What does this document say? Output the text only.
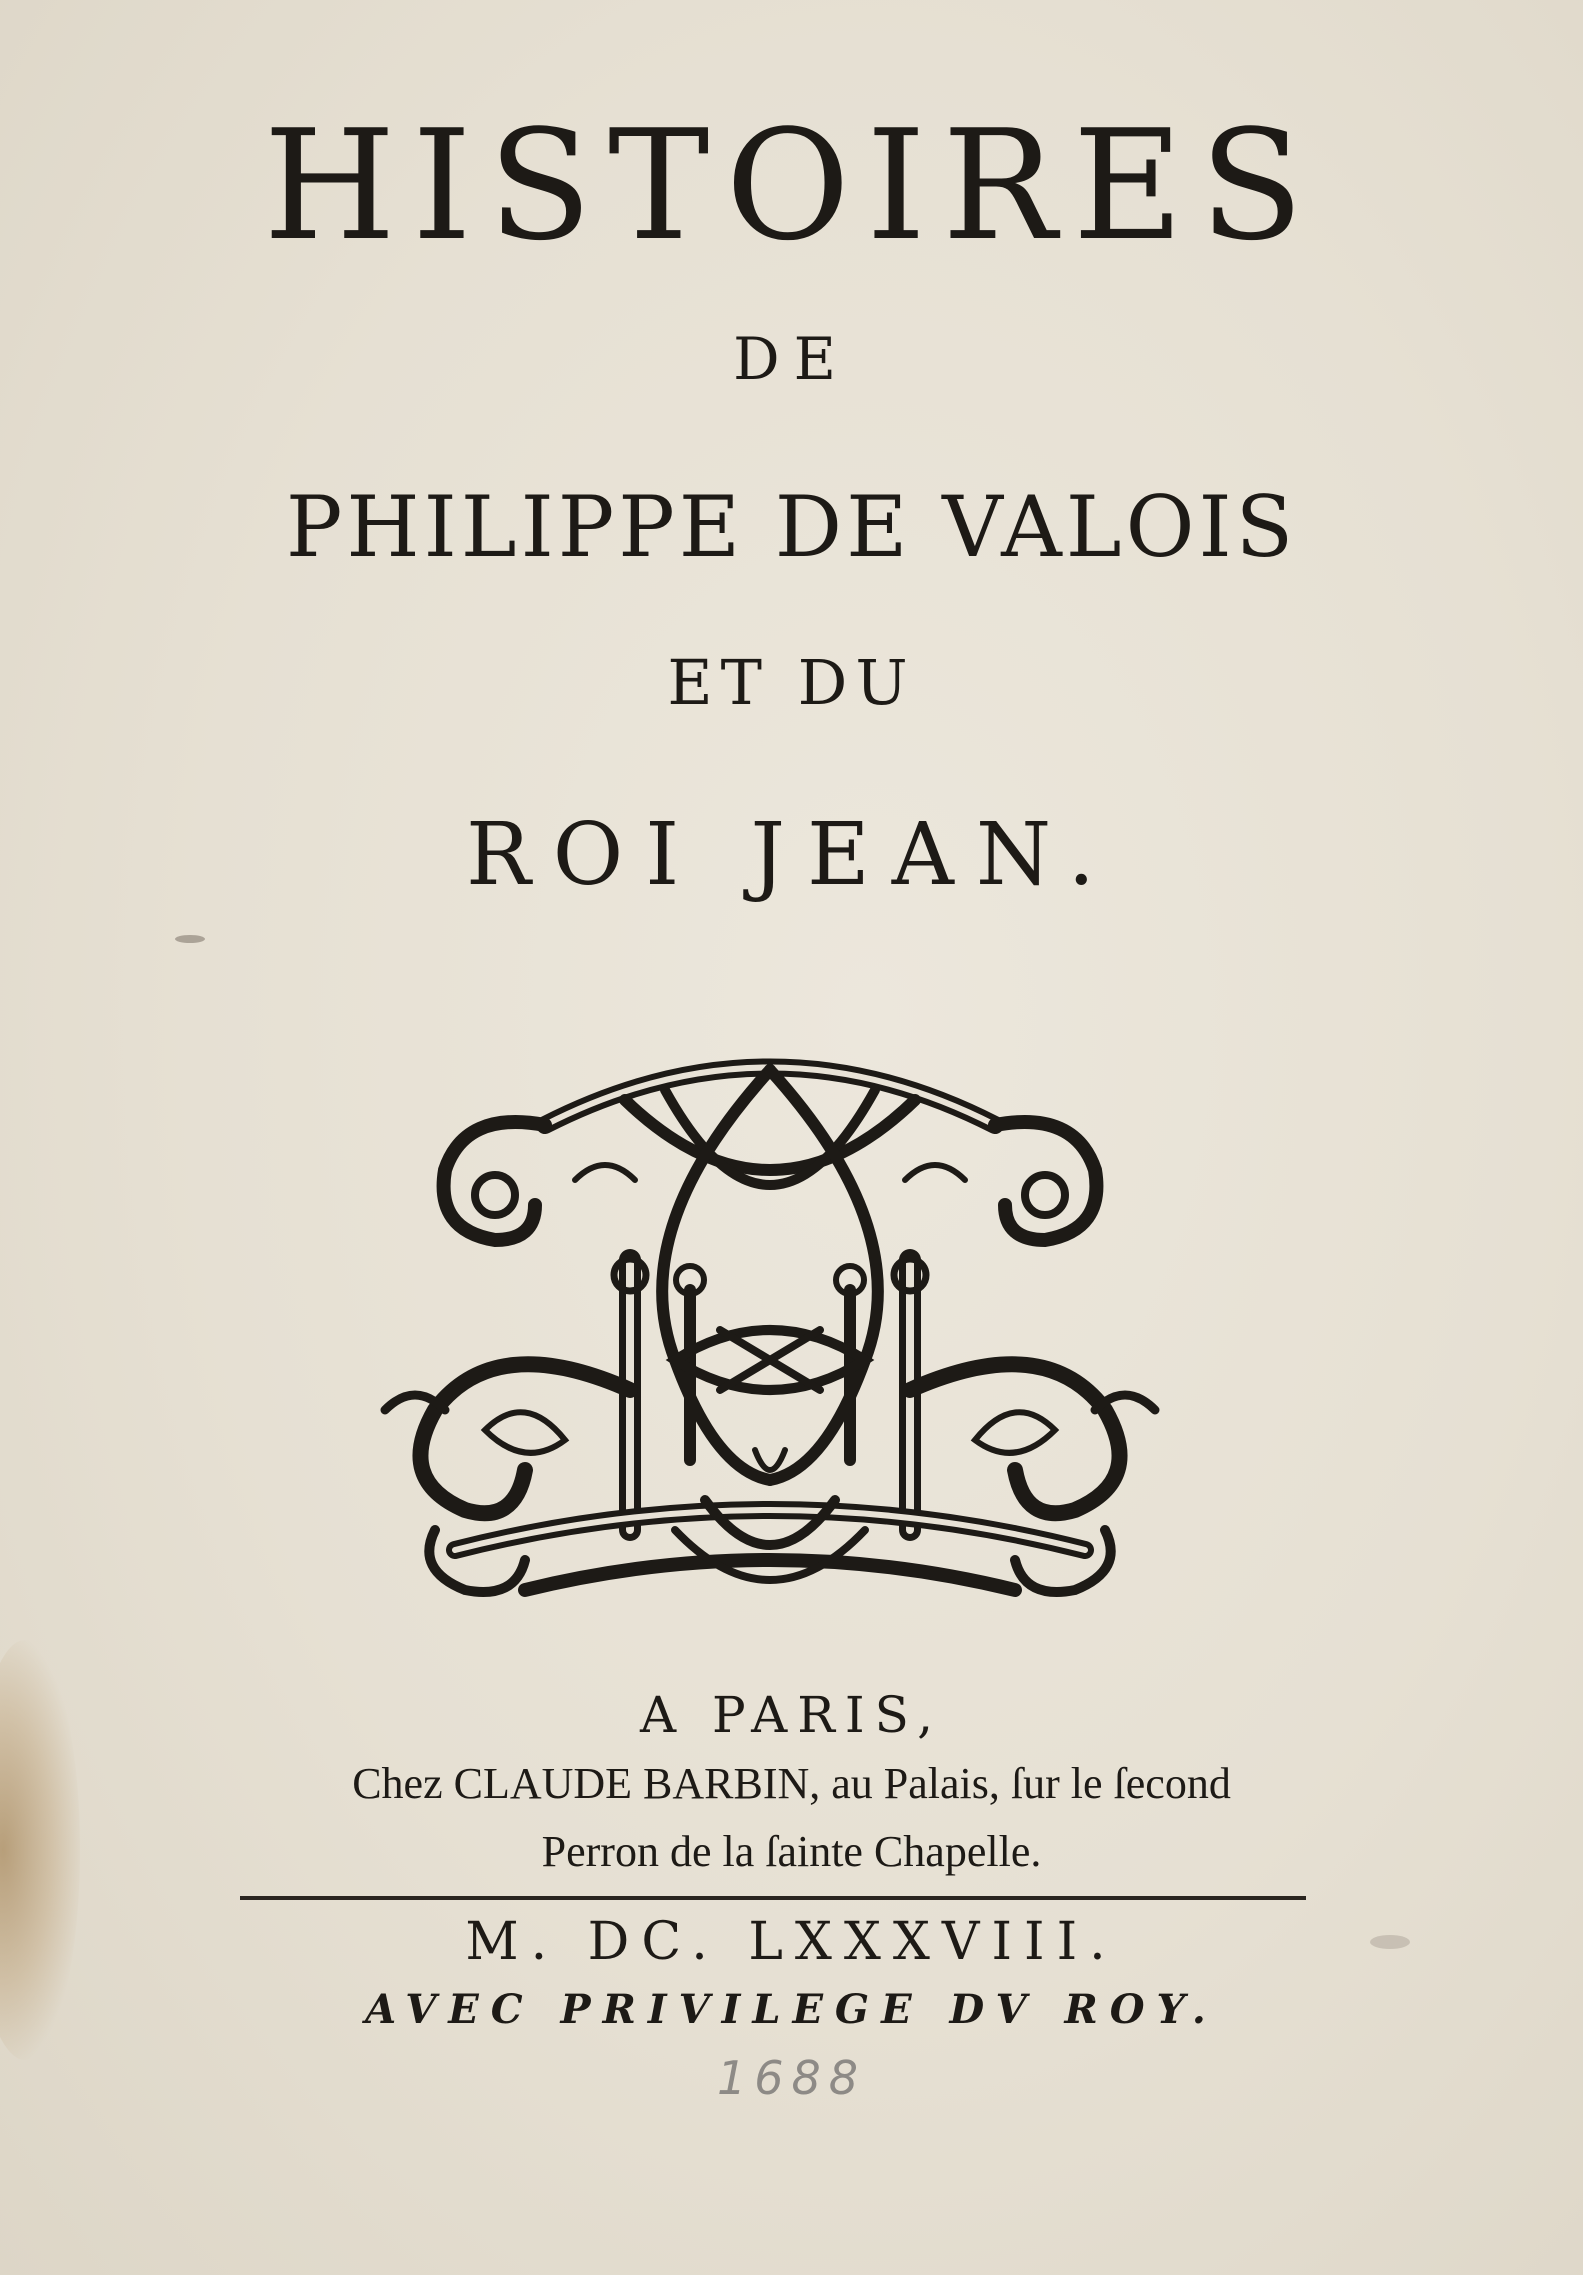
HISTOIRES
DE
PHILIPPE DE VALOIS
ET DU
ROI JEAN.
A PARIS,
Chez CLAUDE BARBIN, au Palais, ſur le ſecond
Perron de la ſainte Chapelle.
M. DC. LXXXVIII.
AVEC PRIVILEGE DV ROY.
1688
